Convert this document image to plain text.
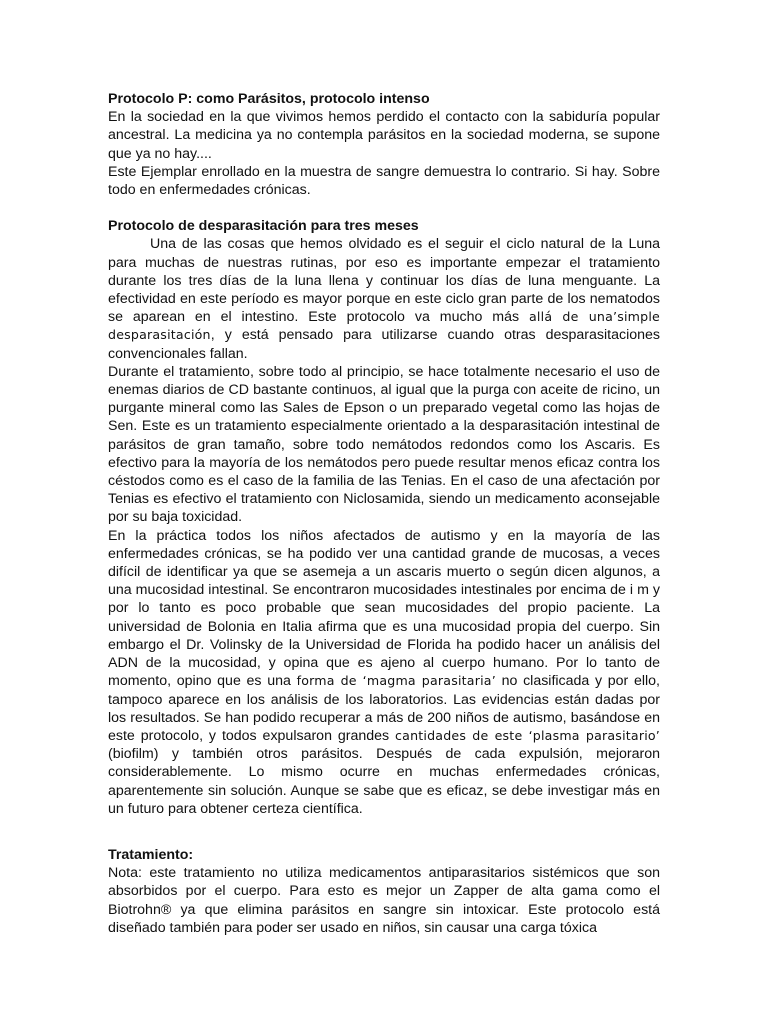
Protocolo P: como Parásitos, protocolo intenso

En la sociedad en la que vivimos hemos perdido el contacto con la sabiduría popular ancestral. La medicina ya no contempla parásitos en la sociedad moderna, se supone que ya no hay....

Este Ejemplar enrollado en la muestra de sangre demuestra lo contrario. Si hay. Sobre todo en enfermedades crónicas.

Protocolo de desparasitación para tres meses

Una de las cosas que hemos olvidado es el seguir el ciclo natural de la Luna para muchas de nuestras rutinas, por eso es importante empezar el tratamiento durante los tres días de la luna llena y continuar los días de luna menguante. La efectividad en este período es mayor porque en este ciclo gran parte de los nematodos se aparean en el intestino. Este protocolo va mucho más allá de una’simple desparasitación, y está pensado para utilizarse cuando otras desparasitaciones convencionales fallan.

Durante el tratamiento, sobre todo al principio, se hace totalmente necesario el uso de enemas diarios de CD bastante continuos, al igual que la purga con aceite de ricino, un purgante mineral como las Sales de Epson o un preparado vegetal como las hojas de Sen. Este es un tratamiento especialmente orientado a la desparasitación intestinal de parásitos de gran tamaño, sobre todo nemátodos redondos como los Ascaris. Es efectivo para la mayoría de los nemátodos pero puede resultar menos eficaz contra los céstodos como es el caso de la familia de las Tenias. En el caso de una afectación por Tenias es efectivo el tratamiento con Niclosamida, siendo un medicamento aconsejable por su baja toxicidad.

En la práctica todos los niños afectados de autismo y en la mayoría de las enfermedades crónicas, se ha podido ver una cantidad grande de mucosas, a veces difícil de identificar ya que se asemeja a un ascaris muerto o según dicen algunos, a una mucosidad intestinal. Se encontraron mucosidades intestinales por encima de i m y por lo tanto es poco probable que sean mucosidades del propio paciente. La universidad de Bolonia en Italia afirma que es una mucosidad propia del cuerpo. Sin embargo el Dr. Volinsky de la Universidad de Florida ha podido hacer un análisis del ADN de la mucosidad, y opina que es ajeno al cuerpo humano. Por lo tanto de momento, opino que es una forma de ‘magma parasitaria’ no clasificada y por ello, tampoco aparece en los análisis de los laboratorios. Las evidencias están dadas por los resultados. Se han podido recuperar a más de 200 niños de autismo, basándose en este protocolo, y todos expulsaron grandes cantidades de este ‘plasma parasitario’ (biofilm) y también otros parásitos. Después de cada expulsión, mejoraron considerablemente. Lo mismo ocurre en muchas enfermedades crónicas, aparentemente sin solución. Aunque se sabe que es eficaz, se debe investigar más en un futuro para obtener certeza científica.

Tratamiento:

Nota: este tratamiento no utiliza medicamentos antiparasitarios sistémicos que son absorbidos por el cuerpo. Para esto es mejor un Zapper de alta gama como el Biotrohn® ya que elimina parásitos en sangre sin intoxicar. Este protocolo está diseñado también para poder ser usado en niños, sin causar una carga tóxica
